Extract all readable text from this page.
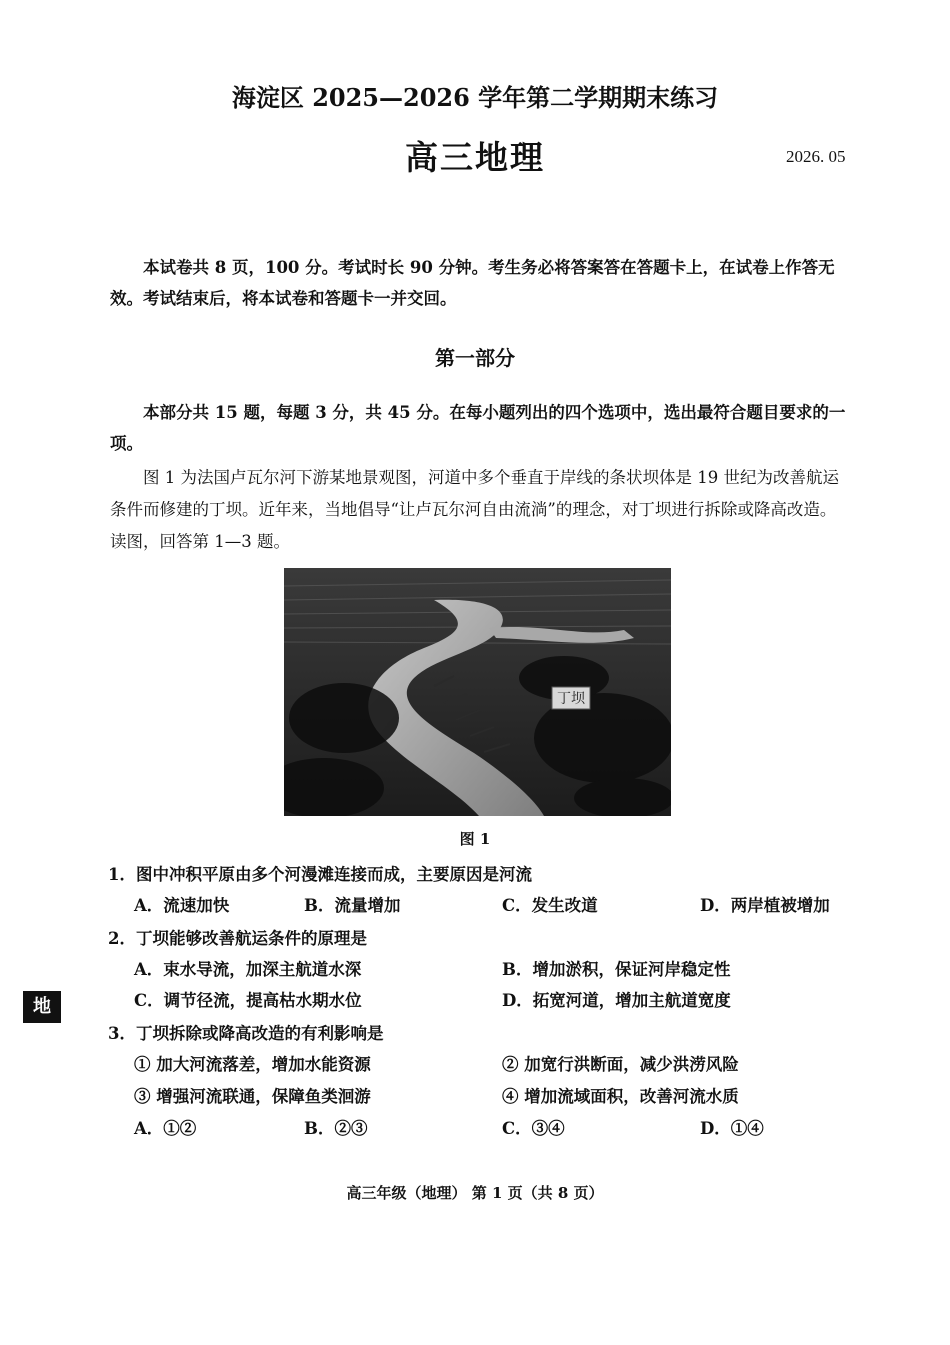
海淀区 2025—2026 学年第二学期期末练习
高三地理	2026. 05
本试卷共 8 页，100 分。考试时长 90 分钟。考生务必将答案答在答题卡上，在试卷上作答无效。考试结束后，将本试卷和答题卡一并交回。
第一部分
本部分共 15 题，每题 3 分，共 45 分。在每小题列出的四个选项中，选出最符合题目要求的一项。
图 1 为法国卢瓦尔河下游某地景观图，河道中多个垂直于岸线的条状坝体是 19 世纪为改善航运条件而修建的丁坝。近年来，当地倡导“让卢瓦尔河自由流淌”的理念，对丁坝进行拆除或降高改造。读图，回答第 1—3 题。
丁坝
图 1
1．图中冲积平原由多个河漫滩连接而成，主要原因是河流
A．流速加快	B．流量增加	C．发生改道	D．两岸植被增加
2．丁坝能够改善航运条件的原理是
A．束水导流，加深主航道水深	B．增加淤积，保证河岸稳定性
C．调节径流，提高枯水期水位	D．拓宽河道，增加主航道宽度
地
3．丁坝拆除或降高改造的有利影响是
① 加大河流落差，增加水能资源	② 加宽行洪断面，减少洪涝风险
③ 增强河流联通，保障鱼类洄游	④ 增加流域面积，改善河流水质
A．①②	B．②③	C．③④	D．①④
高三年级（地理） 第 1 页（共 8 页）
